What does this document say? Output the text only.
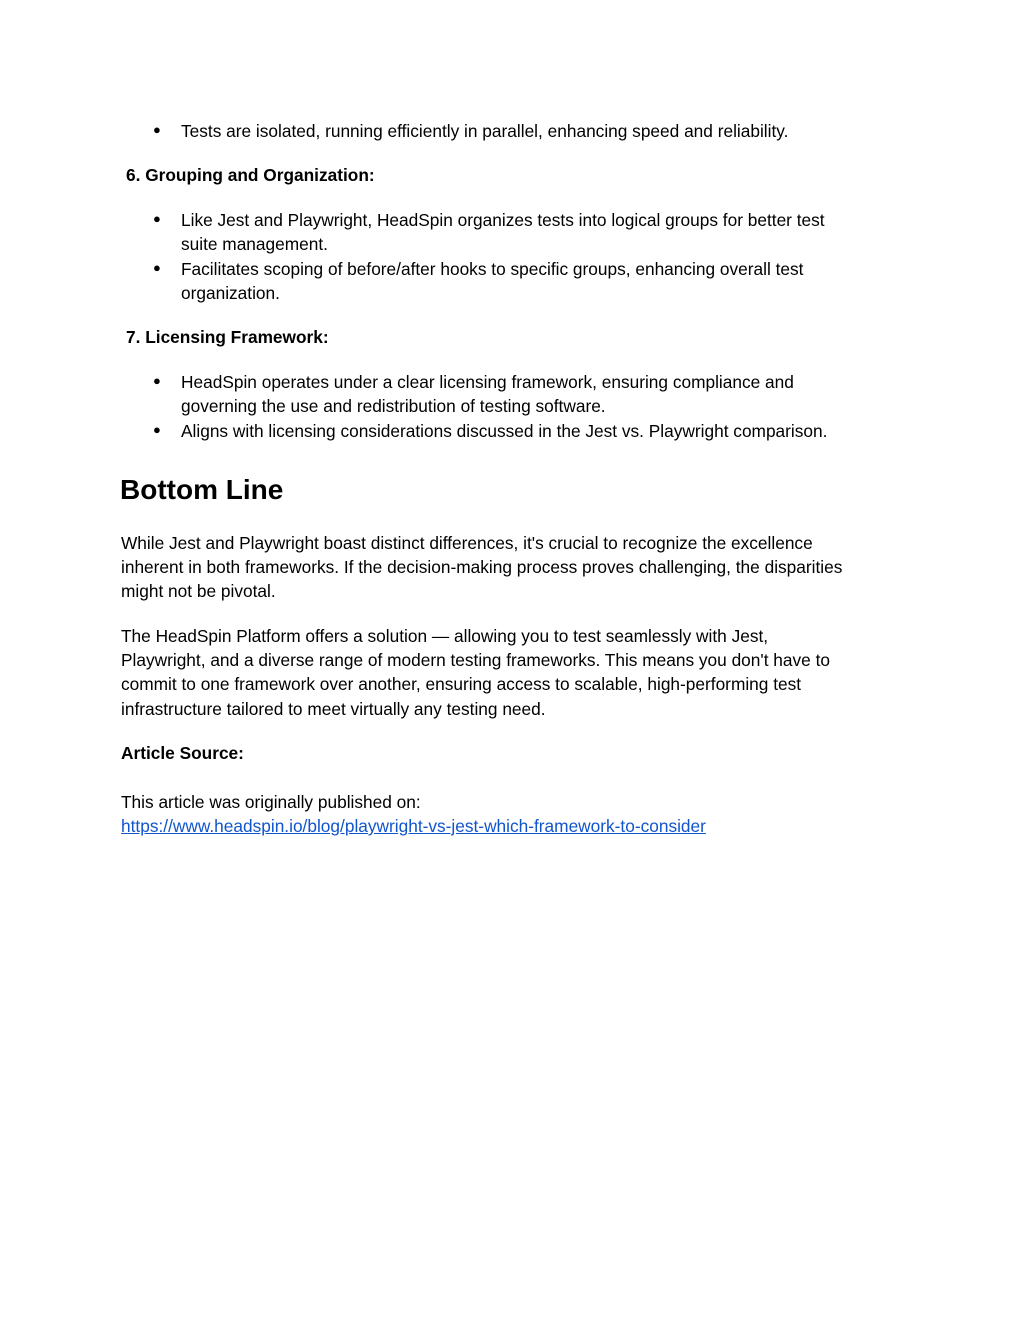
● Tests are isolated, running efficiently in parallel, enhancing speed and reliability.
6. Grouping and Organization:
● Like Jest and Playwright, HeadSpin organizes tests into logical groups for better test
suite management.
● Facilitates scoping of before/after hooks to specific groups, enhancing overall test
organization.
7. Licensing Framework:
● HeadSpin operates under a clear licensing framework, ensuring compliance and
governing the use and redistribution of testing software.
● Aligns with licensing considerations discussed in the Jest vs. Playwright comparison.
Bottom Line
While Jest and Playwright boast distinct differences, it's crucial to recognize the excellence
inherent in both frameworks. If the decision-making process proves challenging, the disparities
might not be pivotal.
The HeadSpin Platform offers a solution — allowing you to test seamlessly with Jest,
Playwright, and a diverse range of modern testing frameworks. This means you don't have to
commit to one framework over another, ensuring access to scalable, high-performing test
infrastructure tailored to meet virtually any testing need.
Article Source:
This article was originally published on:
https://www.headspin.io/blog/playwright-vs-jest-which-framework-to-consider
